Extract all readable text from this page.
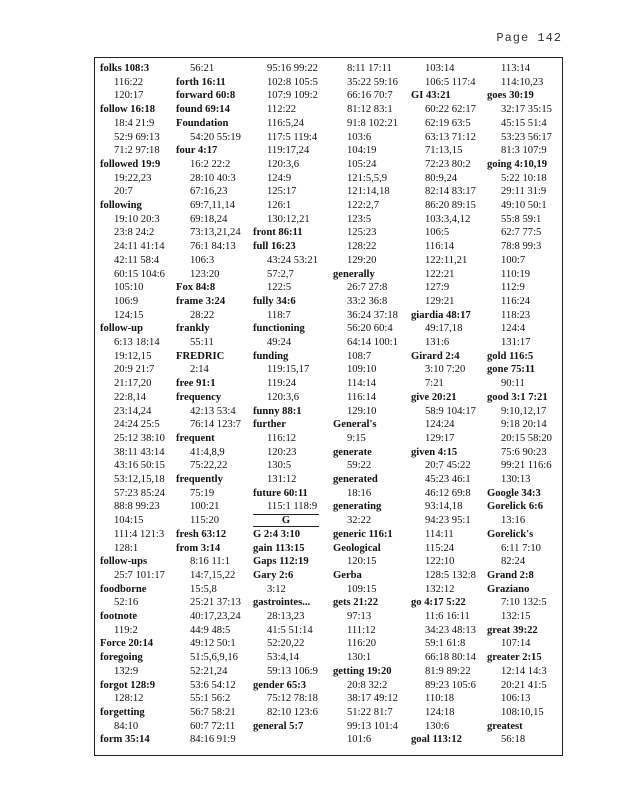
Page 142
folks 108:3
116:22
120:17
follow 16:18
18:4 21:9
52:9 69:13
71:2 97:18
followed 19:9
19:22,23
20:7
following
19:10 20:3
23:8 24:2
24:11 41:14
42:11 58:4
60:15 104:6
105:10
106:9
124:15
follow-up
6:13 18:14
19:12,15
20:9 21:7
21:17,20
22:8,14
23:14,24
24:24 25:5
25:12 38:10
38:11 43:14
43:16 50:15
53:12,15,18
57:23 85:24
88:8 99:23
104:15
111:4 121:3
128:1
follow-ups
25:7 101:17
foodborne
52:16
footnote
119:2
Force 20:14
foregoing
132:9
forgot 128:9
128:12
forgetting
84:10
form 35:14
56:21
forth 16:11
forward 60:8
found 69:14
Foundation
54:20 55:19
four 4:17
16:2 22:2
28:10 40:3
67:16,23
69:7,11,14
69:18,24
73:13,21,24
76:1 84:13
106:3
123:20
Fox 84:8
frame 3:24
28:22
frankly
55:11
FREDRIC
2:14
free 91:1
frequency
42:13 53:4
76:14 123:7
frequent
41:4,8,9
75:22,22
frequently
75:19
100:21
115:20
fresh 63:12
from 3:14
8:16 11:1
14:7,15,22
15:5,8
25:21 37:13
40:17,23,24
44:9 48:5
49:12 50:1
51:5,6,9,16
52:21,24
53:6 54:12
55:1 56:2
56:7 58:21
60:7 72:11
84:16 91:9
95:16 99:22
102:8 105:5
107:9 109:2
112:22
116:5,24
117:5 119:4
119:17,24
120:3,6
124:9
125:17
126:1
130:12,21
front 86:11
full 16:23
43:24 53:21
57:2,7
122:5
fully 34:6
118:7
functioning
49:24
funding
119:15,17
119:24
120:3,6
funny 88:1
further
116:12
120:23
130:5
131:12
future 60:11
115:1 118:9
G
G 2:4 3:10
gain 113:15
Gaps 112:19
Gary 2:6
3:12
gastrointes...
28:13,23
41:5 51:14
52:20,22
53:4,14
59:13 106:9
gender 65:3
75:12 78:18
82:10 123:6
general 5:7
8:11 17:11
35:22 59:16
66:16 70:7
81:12 83:1
91:8 102:21
103:6
104:19
105:24
121:5,5,9
121:14,18
122:2,7
123:5
125:23
128:22
129:20
generally
26:7 27:8
33:2 36:8
36:24 37:18
56:20 60:4
64:14 100:1
108:7
109:10
114:14
116:14
129:10
General's
9:15
generate
59:22
generated
18:16
generating
32:22
generic 116:1
Geological
120:15
Gerba
109:15
gets 21:22
97:13
111:12
116:20
130:1
getting 19:20
20:8 32:2
38:17 49:12
51:22 81:7
99:13 101:4
101:6
103:14
106:5 117:4
GI 43:21
60:22 62:17
62:19 63:5
63:13 71:12
71:13,15
72:23 80:2
80:9,24
82:14 83:17
86:20 89:15
103:3,4,12
106:5
116:14
122:11,21
122:21
127:9
129:21
giardia 48:17
49:17,18
131:6
Girard 2:4
3:10 7:20
7:21
give 20:21
58:9 104:17
124:24
129:17
given 4:15
20:7 45:22
45:23 46:1
46:12 69:8
93:14,18
94:23 95:1
114:11
115:24
122:10
128:5 132:8
132:12
go 4:17 5:22
11:6 16:11
34:23 48:13
59:1 61:8
66:18 80:14
81:9 89:22
89:23 105:6
110:18
124:18
130:6
goal 113:12
113:14
114:10,23
goes 30:19
32:17 35:15
45:15 51:4
53:23 56:17
81:3 107:9
going 4:10,19
5:22 10:18
29:11 31:9
49:10 50:1
55:8 59:1
62:7 77:5
78:8 99:3
100:7
110:19
112:9
116:24
118:23
124:4
131:17
gold 116:5
gone 75:11
90:11
good 3:1 7:21
9:10,12,17
9:18 20:14
20:15 58:20
75:6 90:23
99:21 116:6
130:13
Google 34:3
Gorelick 6:6
13:16
Gorelick's
6:11 7:10
82:24
Grand 2:8
Graziano
7:10 132:5
132:15
great 39:22
107:14
greater 2:15
12:14 14:3
20:21 41:5
106:13
108:10,15
greatest
56:18
